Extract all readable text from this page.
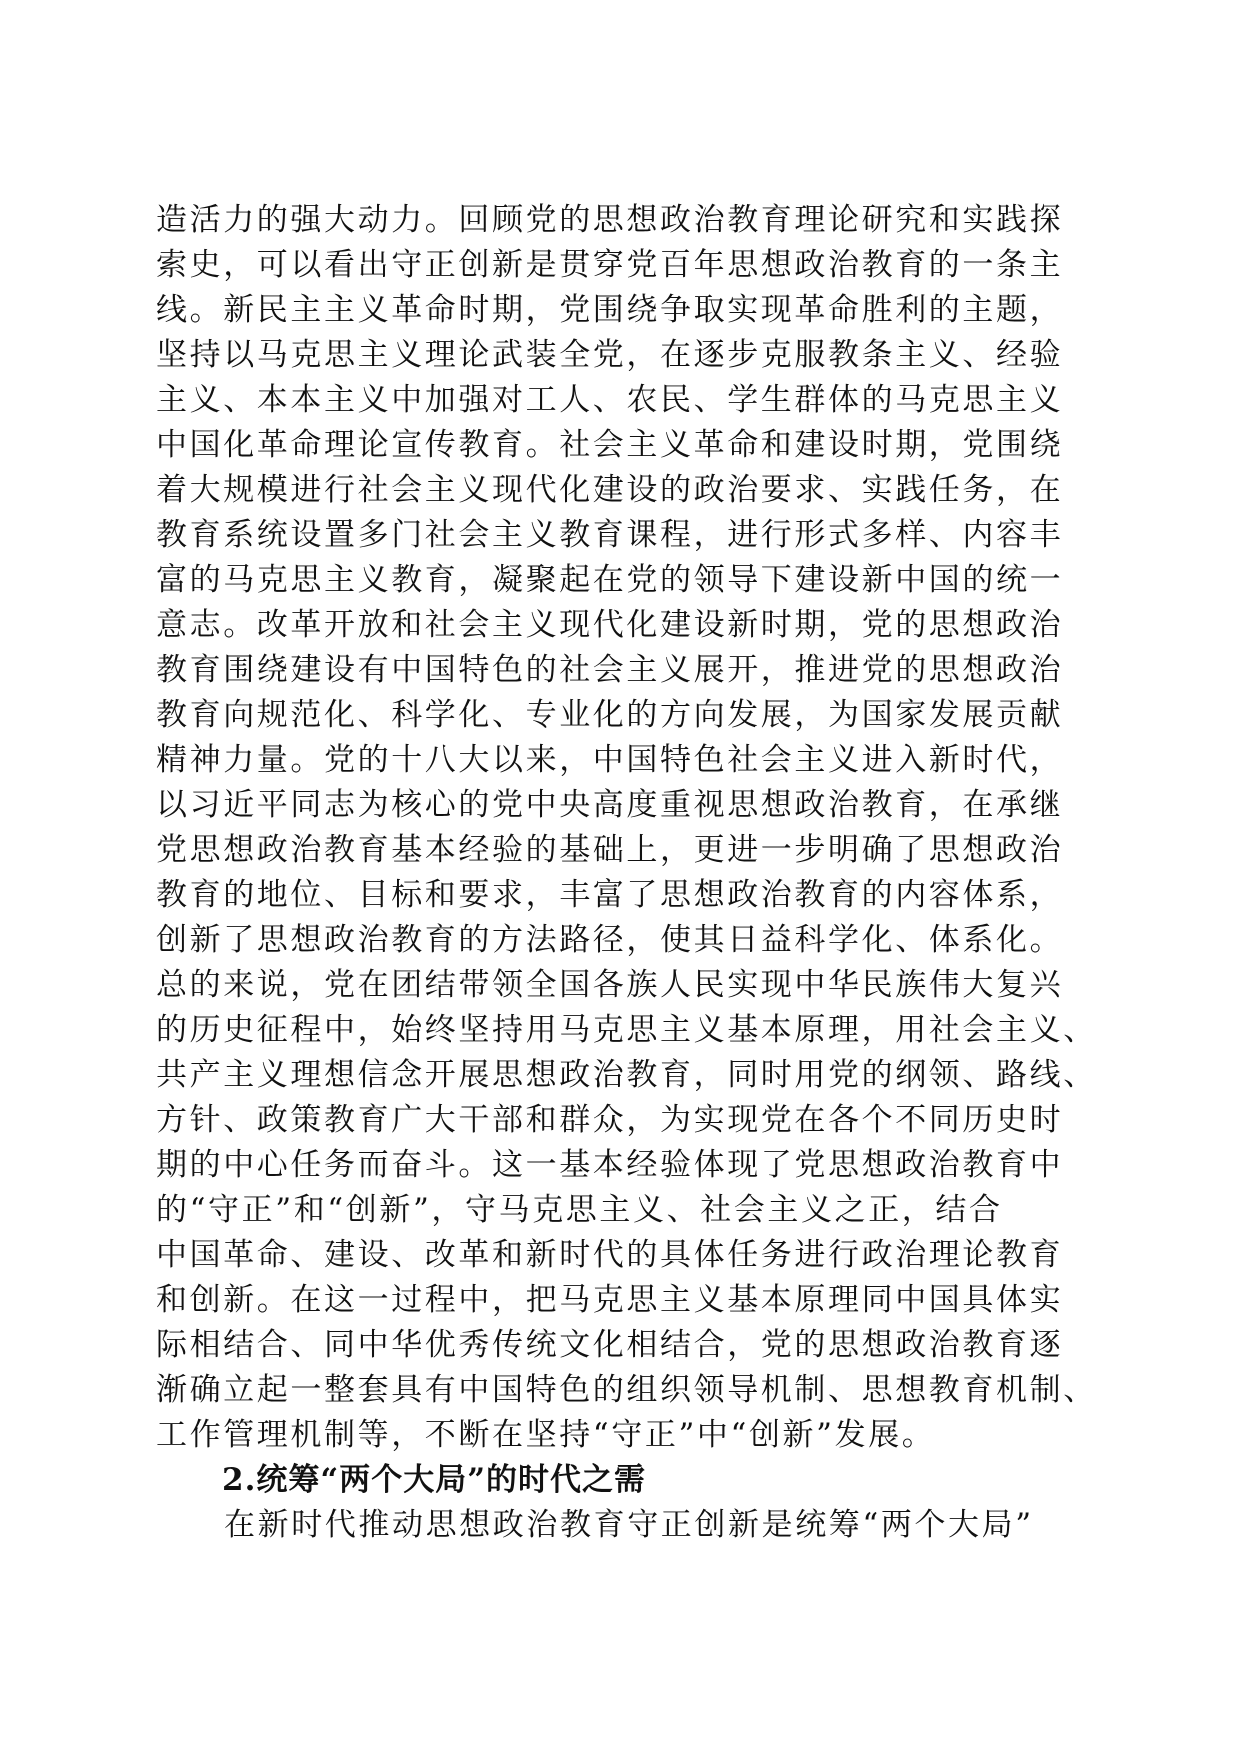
造活力的强大动力。回顾党的思想政治教育理论研究和实践探
索史，可以看出守正创新是贯穿党百年思想政治教育的一条主
线。新民主主义革命时期，党围绕争取实现革命胜利的主题，
坚持以马克思主义理论武装全党，在逐步克服教条主义、经验
主义、本本主义中加强对工人、农民、学生群体的马克思主义
中国化革命理论宣传教育。社会主义革命和建设时期，党围绕
着大规模进行社会主义现代化建设的政治要求、实践任务，在
教育系统设置多门社会主义教育课程，进行形式多样、内容丰
富的马克思主义教育，凝聚起在党的领导下建设新中国的统一
意志。改革开放和社会主义现代化建设新时期，党的思想政治
教育围绕建设有中国特色的社会主义展开，推进党的思想政治
教育向规范化、科学化、专业化的方向发展，为国家发展贡献
精神力量。党的十八大以来，中国特色社会主义进入新时代，
以习近平同志为核心的党中央高度重视思想政治教育，在承继
党思想政治教育基本经验的基础上，更进一步明确了思想政治
教育的地位、目标和要求，丰富了思想政治教育的内容体系，
创新了思想政治教育的方法路径，使其日益科学化、体系化。
总的来说，党在团结带领全国各族人民实现中华民族伟大复兴
的历史征程中，始终坚持用马克思主义基本原理，用社会主义、
共产主义理想信念开展思想政治教育，同时用党的纲领、路线、
方针、政策教育广大干部和群众，为实现党在各个不同历史时
期的中心任务而奋斗。这一基本经验体现了党思想政治教育中
的“守正”和“创新”，守马克思主义、社会主义之正，结合
中国革命、建设、改革和新时代的具体任务进行政治理论教育
和创新。在这一过程中，把马克思主义基本原理同中国具体实
际相结合、同中华优秀传统文化相结合，党的思想政治教育逐
渐确立起一整套具有中国特色的组织领导机制、思想教育机制、
工作管理机制等，不断在坚持“守正”中“创新”发展。
2.统筹“两个大局”的时代之需
在新时代推动思想政治教育守正创新是统筹“两个大局”
